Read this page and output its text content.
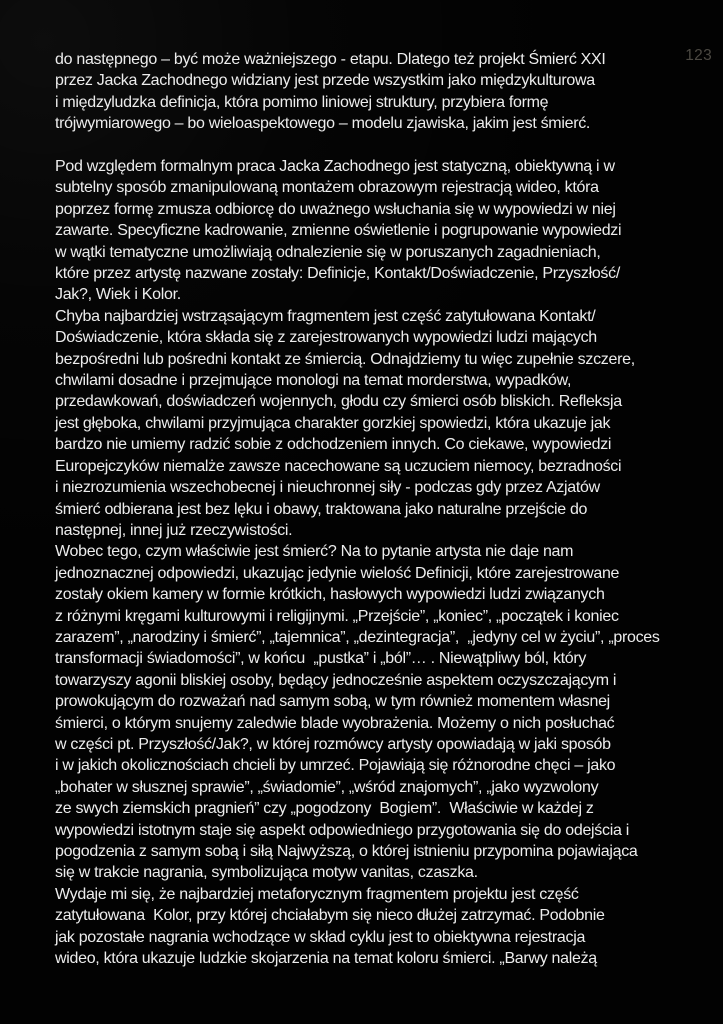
123
do następnego – być może ważniejszego - etapu. Dlatego też projekt Śmierć XXI
przez Jacka Zachodnego widziany jest przede wszystkim jako międzykulturowa
i międzyludzka definicja, która pomimo liniowej struktury, przybiera formę
trójwymiarowego – bo wieloaspektowego – modelu zjawiska, jakim jest śmierć.
Pod względem formalnym praca Jacka Zachodnego jest statyczną, obiektywną i w
subtelny sposób zmanipulowaną montażem obrazowym rejestracją wideo, która
poprzez formę zmusza odbiorcę do uważnego wsłuchania się w wypowiedzi w niej
zawarte. Specyficzne kadrowanie, zmienne oświetlenie i pogrupowanie wypowiedzi
w wątki tematyczne umożliwiają odnalezienie się w poruszanych zagadnieniach,
które przez artystę nazwane zostały: Definicje, Kontakt/Doświadczenie, Przyszłość/
Jak?, Wiek i Kolor.
Chyba najbardziej wstrząsającym fragmentem jest część zatytułowana Kontakt/
Doświadczenie, która składa się z zarejestrowanych wypowiedzi ludzi mających
bezpośredni lub pośredni kontakt ze śmiercią. Odnajdziemy tu więc zupełnie szczere,
chwilami dosadne i przejmujące monologi na temat morderstwa, wypadków,
przedawkowań, doświadczeń wojennych, głodu czy śmierci osób bliskich. Refleksja
jest głęboka, chwilami przyjmująca charakter gorzkiej spowiedzi, która ukazuje jak
bardzo nie umiemy radzić sobie z odchodzeniem innych. Co ciekawe, wypowiedzi
Europejczyków niemalże zawsze nacechowane są uczuciem niemocy, bezradności
i niezrozumienia wszechobecnej i nieuchronnej siły - podczas gdy przez Azjatów
śmierć odbierana jest bez lęku i obawy, traktowana jako naturalne przejście do
następnej, innej już rzeczywistości.
Wobec tego, czym właściwie jest śmierć? Na to pytanie artysta nie daje nam
jednoznacznej odpowiedzi, ukazując jedynie wielość Definicji, które zarejestrowane
zostały okiem kamery w formie krótkich, hasłowych wypowiedzi ludzi związanych
z różnymi kręgami kulturowymi i religijnymi. „Przejście”, „koniec”, „początek i koniec
zarazem”, „narodziny i śmierć”, „tajemnica”, „dezintegracja”,  „jedyny cel w życiu”, „proces
transformacji świadomości”, w końcu  „pustka” i „ból”… . Niewątpliwy ból, który
towarzyszy agonii bliskiej osoby, będący jednocześnie aspektem oczyszczającym i
prowokującym do rozważań nad samym sobą, w tym również momentem własnej
śmierci, o którym snujemy zaledwie blade wyobrażenia. Możemy o nich posłuchać
w części pt. Przyszłość/Jak?, w której rozmówcy artysty opowiadają w jaki sposób
i w jakich okolicznościach chcieli by umrzeć. Pojawiają się różnorodne chęci – jako
„bohater w słusznej sprawie”, „świadomie”, „wśród znajomych”, „jako wyzwolony
ze swych ziemskich pragnień” czy „pogodzony  Bogiem”.  Właściwie w każdej z
wypowiedzi istotnym staje się aspekt odpowiedniego przygotowania się do odejścia i
pogodzenia z samym sobą i siłą Najwyższą, o której istnieniu przypomina pojawiająca
się w trakcie nagrania, symbolizująca motyw vanitas, czaszka.
Wydaje mi się, że najbardziej metaforycznym fragmentem projektu jest część
zatytułowana  Kolor, przy której chciałabym się nieco dłużej zatrzymać. Podobnie
jak pozostałe nagrania wchodzące w skład cyklu jest to obiektywna rejestracja
wideo, która ukazuje ludzkie skojarzenia na temat koloru śmierci. „Barwy należą
